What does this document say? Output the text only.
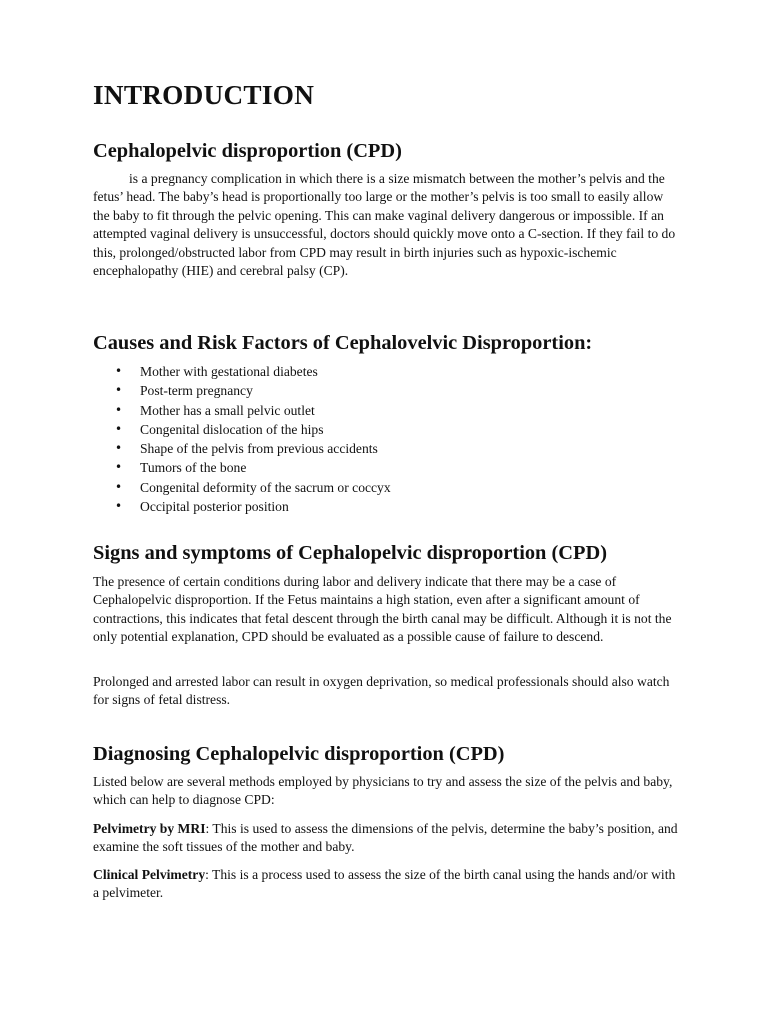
INTRODUCTION
Cephalopelvic disproportion (CPD)

is a pregnancy complication in which there is a size mismatch between the mother’s pelvis and the fetus’ head. The baby’s head is proportionally too large or the mother’s pelvis is too small to easily allow the baby to fit through the pelvic opening. This can make vaginal delivery dangerous or impossible. If an attempted vaginal delivery is unsuccessful, doctors should quickly move onto a C-section. If they fail to do this, prolonged/obstructed labor from CPD may result in birth injuries such as hypoxic-ischemic encephalopathy (HIE) and cerebral palsy (CP).

Causes and Risk Factors of Cephalovelvic Disproportion:
• Mother with gestational diabetes
• Post-term pregnancy
• Mother has a small pelvic outlet
• Congenital dislocation of the hips
• Shape of the pelvis from previous accidents
• Tumors of the bone
• Congenital deformity of the sacrum or coccyx
• Occipital posterior position
Signs and symptoms of Cephalopelvic disproportion (CPD)

The presence of certain conditions during labor and delivery indicate that there may be a case of Cephalopelvic disproportion. If the Fetus maintains a high station, even after a significant amount of contractions, this indicates that fetal descent through the birth canal may be difficult. Although it is not the only potential explanation, CPD should be evaluated as a possible cause of failure to descend.

Prolonged and arrested labor can result in oxygen deprivation, so medical professionals should also watch for signs of fetal distress.

Diagnosing Cephalopelvic disproportion (CPD)

Listed below are several methods employed by physicians to try and assess the size of the pelvis and baby, which can help to diagnose CPD:

Pelvimetry by MRI: This is used to assess the dimensions of the pelvis, determine the baby’s position, and examine the soft tissues of the mother and baby.

Clinical Pelvimetry: This is a process used to assess the size of the birth canal using the hands and/or with a pelvimeter.
